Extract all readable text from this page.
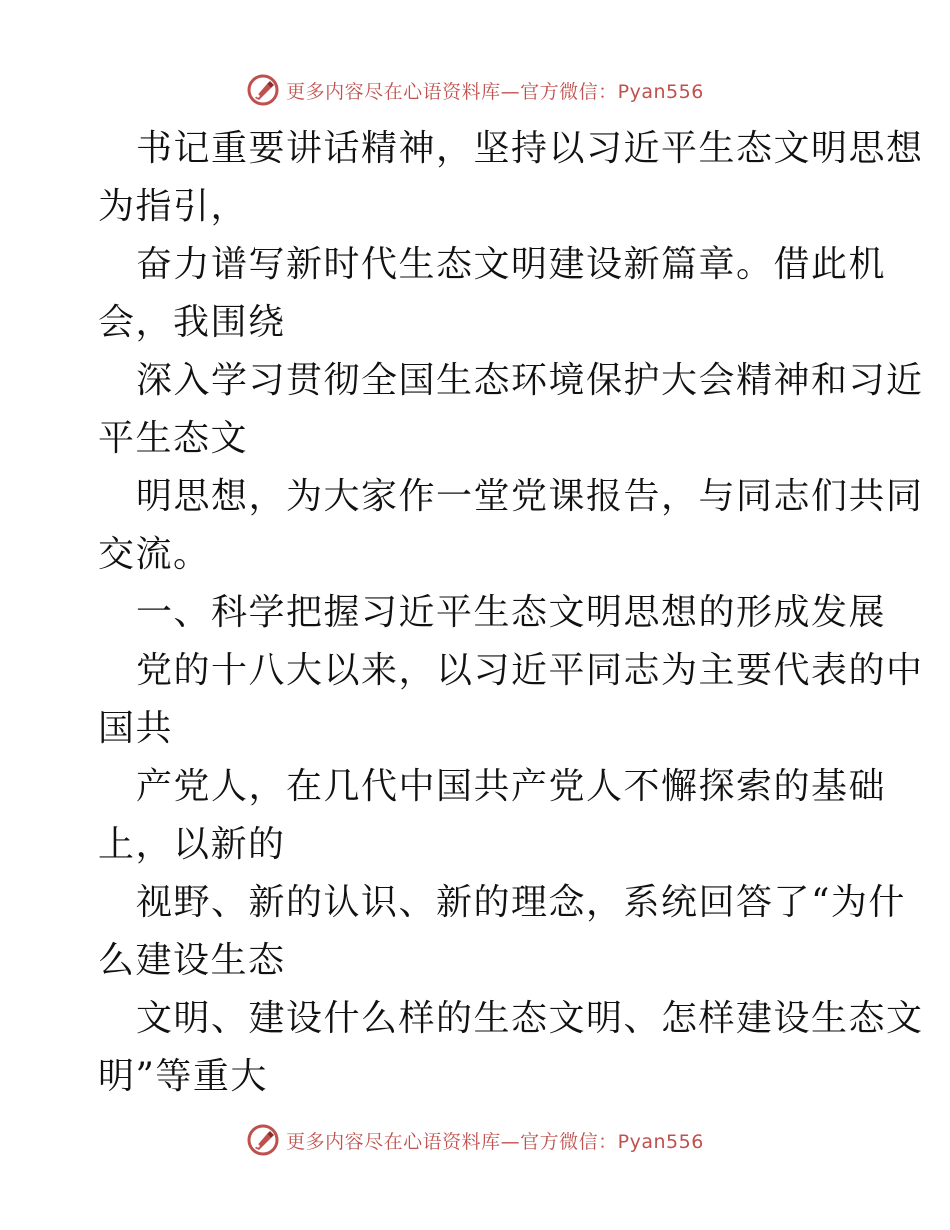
更多内容尽在心语资料库—官方微信：Pyan556
书记重要讲话精神，坚持以习近平生态文明思想
为指引，
奋力谱写新时代生态文明建设新篇章。借此机
会，我围绕
深入学习贯彻全国生态环境保护大会精神和习近
平生态文
明思想，为大家作一堂党课报告，与同志们共同
交流。
一、科学把握习近平生态文明思想的形成发展
党的十八大以来，以习近平同志为主要代表的中
国共
产党人，在几代中国共产党人不懈探索的基础
上，以新的
视野、新的认识、新的理念，系统回答了“为什
么建设生态
文明、建设什么样的生态文明、怎样建设生态文
明”等重大
更多内容尽在心语资料库—官方微信：Pyan556
